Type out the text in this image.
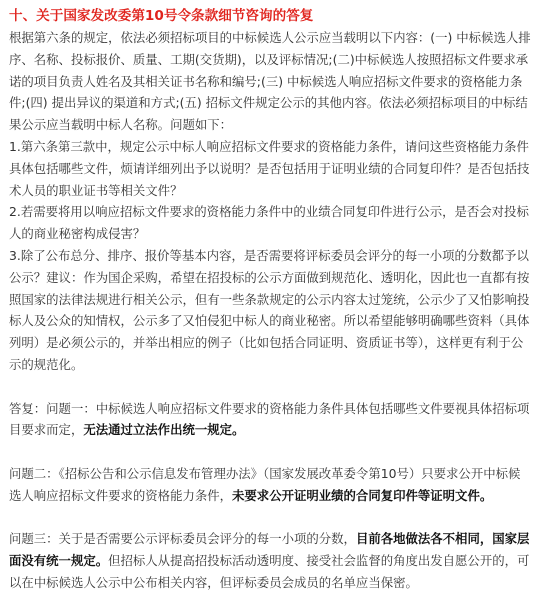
十、关于国家发改委第10号令条款细节咨询的答复
根据第六条的规定，依法必须招标项目的中标候选人公示应当载明以下内容：(一) 中标候选人排
序、名称、投标报价、质量、工期(交货期)，以及评标情况;(二)中标候选人按照招标文件要求承
诺的项目负责人姓名及其相关证书名称和编号;(三) 中标候选人响应招标文件要求的资格能力条
件;(四) 提出异议的渠道和方式;(五) 招标文件规定公示的其他内容。依法必须招标项目的中标结
果公示应当载明中标人名称。问题如下：
1.第六条第三款中，规定公示中标人响应招标文件要求的资格能力条件，请问这些资格能力条件
具体包括哪些文件，烦请详细列出予以说明？是否包括用于证明业绩的合同复印件？是否包括技
术人员的职业证书等相关文件？
2.若需要将用以响应招标文件要求的资格能力条件中的业绩合同复印件进行公示，是否会对投标
人的商业秘密构成侵害？
3.除了公布总分、排序、报价等基本内容，是否需要将评标委员会评分的每一小项的分数都予以
公示？建议：作为国企采购，希望在招投标的公示方面做到规范化、透明化，因此也一直都有按
照国家的法律法规进行相关公示，但有一些条款规定的公示内容太过笼统，公示少了又怕影响投
标人及公众的知情权，公示多了又怕侵犯中标人的商业秘密。所以希望能够明确哪些资料（具体
列明）是必须公示的，并举出相应的例子（比如包括合同证明、资质证书等），这样更有利于公
示的规范化。
答复：问题一：中标候选人响应招标文件要求的资格能力条件具体包括哪些文件要视具体招标项
目要求而定，无法通过立法作出统一规定。
问题二：《招标公告和公示信息发布管理办法》（国家发展改革委令第10号）只要求公开中标候
选人响应招标文件要求的资格能力条件，未要求公开证明业绩的合同复印件等证明文件。
问题三：关于是否需要公示评标委员会评分的每一小项的分数，目前各地做法各不相同，国家层
面没有统一规定。但招标人从提高招投标活动透明度、接受社会监督的角度出发自愿公开的，可
以在中标候选人公示中公布相关内容，但评标委员会成员的名单应当保密。
